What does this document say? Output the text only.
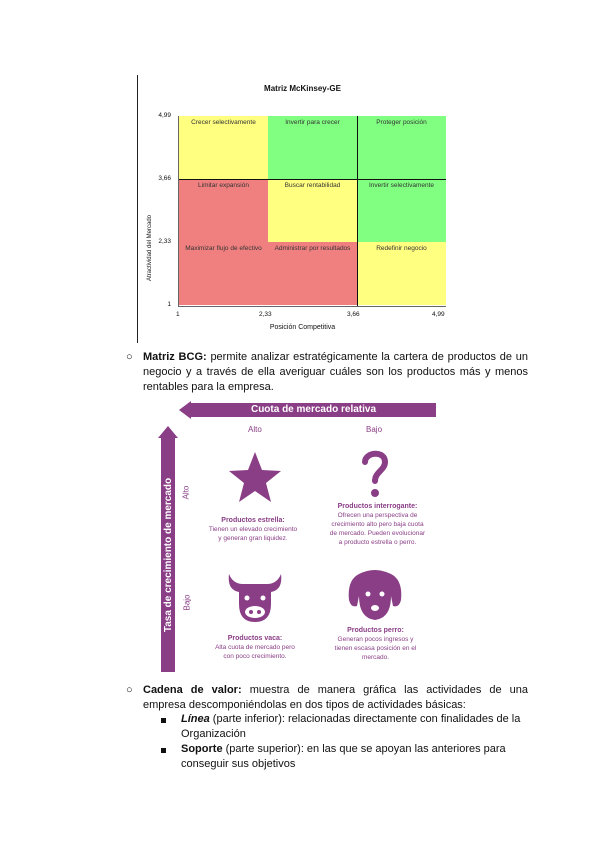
Matriz McKinsey-GE
Atractividad del Mercado
4,99
3,66
2,33
1
1	2,33	3,66	4,99
Crecer selectivamente	Invertir para crecer	Proteger posición
Limitar expansión	Buscar rentabilidad	Invertir selectivamente
Maximizar flujo de efectivo	Administrar por resultados	Redefinir negocio
Posición Competitiva
○ Matriz BCG: permite analizar estratégicamente la cartera de productos de un negocio y a través de ella averiguar cuáles son los productos más y menos rentables para la empresa.
Cuota de mercado relativa
Tasa de crecimiento de mercado
Alto	Bajo
Alto
Bajo
Productos estrella:
Tienen un elevado crecimiento
y generan gran liquidez.
Productos interrogante:
Ofrecen una perspectiva de
crecimiento alto pero baja cuota
de mercado. Pueden evolucionar
a producto estrella o perro.
Productos vaca:
Alta cuota de mercado pero
con poco crecimiento.
Productos perro:
Generan pocos ingresos y
tienen escasa posición en el
mercado.
○ Cadena de valor: muestra de manera gráfica las actividades de una
empresa descomponiéndolas en dos tipos de actividades básicas:
Línea (parte inferior): relacionadas directamente con finalidades de la
Organización
Soporte (parte superior): en las que se apoyan las anteriores para
conseguir sus objetivos
